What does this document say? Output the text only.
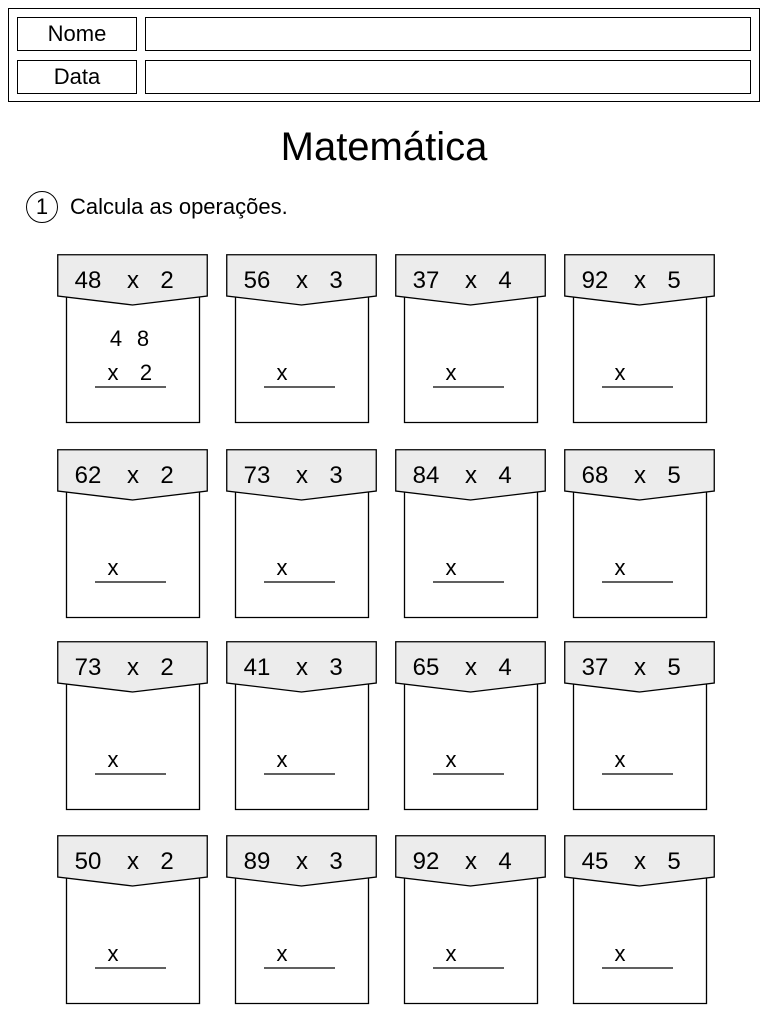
Nome
Data
Matemática
1 Calcula as operações.
48 x 2
4 8
x 2
56 x 3
x
37 x 4
x
92 x 5
x
62 x 2
x
73 x 3
x
84 x 4
x
68 x 5
x
73 x 2
x
41 x 3
x
65 x 4
x
37 x 5
x
50 x 2
x
89 x 3
x
92 x 4
x
45 x 5
x
